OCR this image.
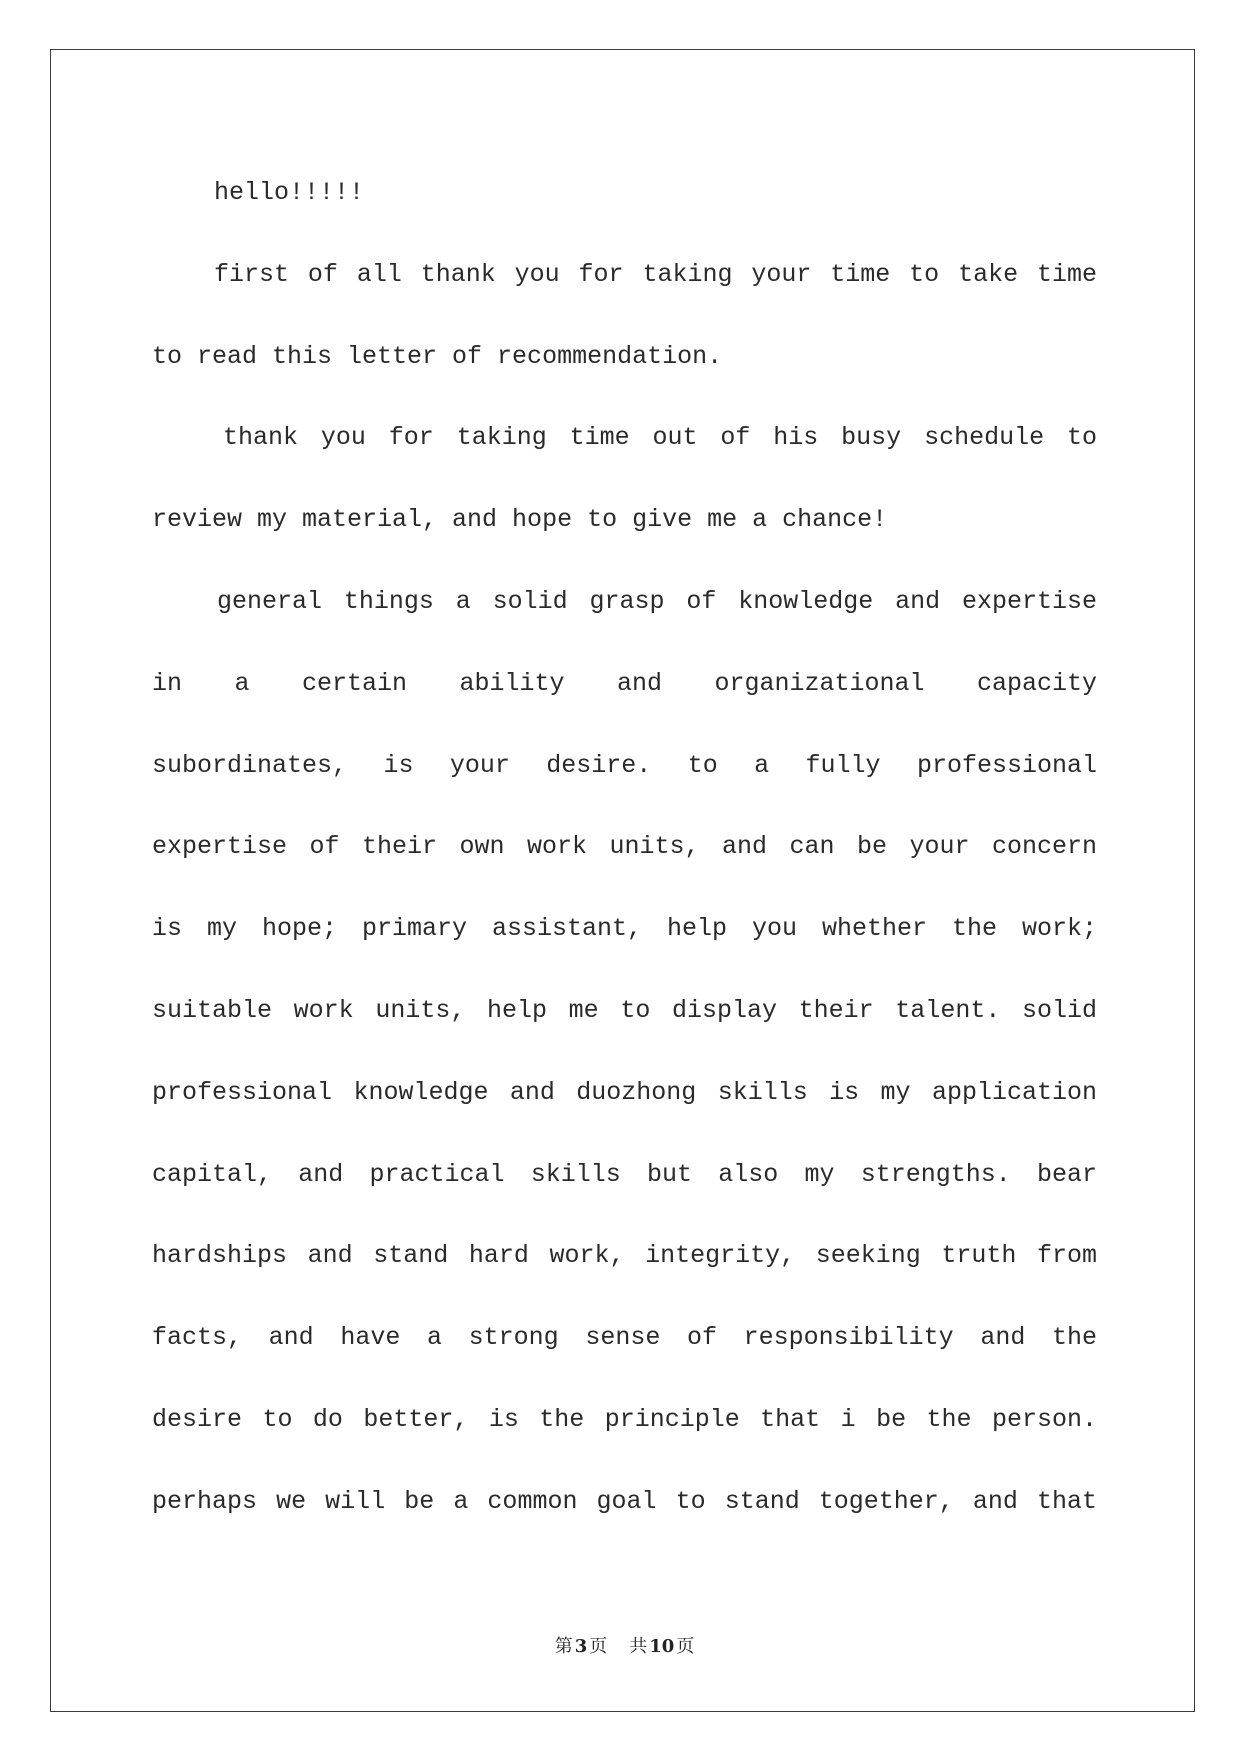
hello!!!!!
first of all thank you for taking your time to take time
to read this letter of recommendation.
thank you for taking time out of his busy schedule to
review my material, and hope to give me a chance!
general things a solid grasp of knowledge and expertise
in a certain ability and organizational capacity
subordinates, is your desire. to a fully professional
expertise of their own work units, and can be your concern
is my hope; primary assistant, help you whether the work;
suitable work units, help me to display their talent. solid
professional knowledge and duozhong skills is my application
capital, and practical skills but also my strengths. bear
hardships and stand hard work, integrity, seeking truth from
facts, and have a strong sense of responsibility and the
desire to do better, is the principle that i be the person.
perhaps we will be a common goal to stand together, and that
第 3 页 共 10 页
